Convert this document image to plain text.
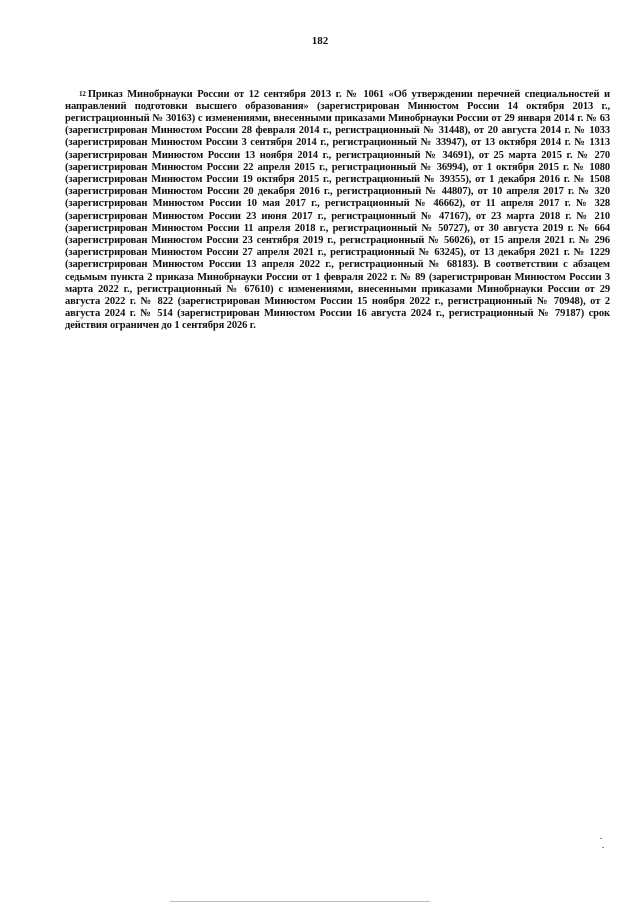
182

$^{12}$ Приказ Минобрнауки России от 12 сентября 2013 г. № 1061 «Об утверждении перечней специальностей и направлений подготовки высшего образования» (зарегистрирован Минюстом России 14 октября 2013 г., регистрационный № 30163) с изменениями, внесенными приказами Минобрнауки России от 29 января 2014 г. № 63 (зарегистрирован Минюстом России 28 февраля 2014 г., регистрационный № 31448), от 20 августа 2014 г. № 1033 (зарегистрирован Минюстом России 3 сентября 2014 г., регистрационный № 33947), от 13 октября 2014 г. № 1313 (зарегистрирован Минюстом России 13 ноября 2014 г., регистрационный № 34691), от 25 марта 2015 г. № 270 (зарегистрирован Минюстом России 22 апреля 2015 г., регистрационный № 36994), от 1 октября 2015 г. № 1080 (зарегистрирован Минюстом России 19 октября 2015 г., регистрационный № 39355), от 1 декабря 2016 г. № 1508 (зарегистрирован Минюстом России 20 декабря 2016 г., регистрационный № 44807), от 10 апреля 2017 г. № 320 (зарегистрирован Минюстом России 10 мая 2017 г., регистрационный № 46662), от 11 апреля 2017 г. № 328 (зарегистрирован Минюстом России 23 июня 2017 г., регистрационный № 47167), от 23 марта 2018 г. № 210 (зарегистрирован Минюстом России 11 апреля 2018 г., регистрационный № 50727), от 30 августа 2019 г. № 664 (зарегистрирован Минюстом России 23 сентября 2019 г., регистрационный № 56026), от 15 апреля 2021 г. № 296 (зарегистрирован Минюстом России 27 апреля 2021 г., регистрационный № 63245), от 13 декабря 2021 г. № 1229 (зарегистрирован Минюстом России 13 апреля 2022 г., регистрационный № 68183). В соответствии с абзацем седьмым пункта 2 приказа Минобрнауки России от 1 февраля 2022 г. № 89 (зарегистрирован Минюстом России 3 марта 2022 г., регистрационный № 67610) с изменениями, внесенными приказами Минобрнауки России от 29 августа 2022 г. № 822 (зарегистрирован Минюстом России 15 ноября 2022 г., регистрационный № 70948), от 2 августа 2024 г. № 514 (зарегистрирован Минюстом России 16 августа 2024 г., регистрационный № 79187) срок действия ограничен до 1 сентября 2026 г.
